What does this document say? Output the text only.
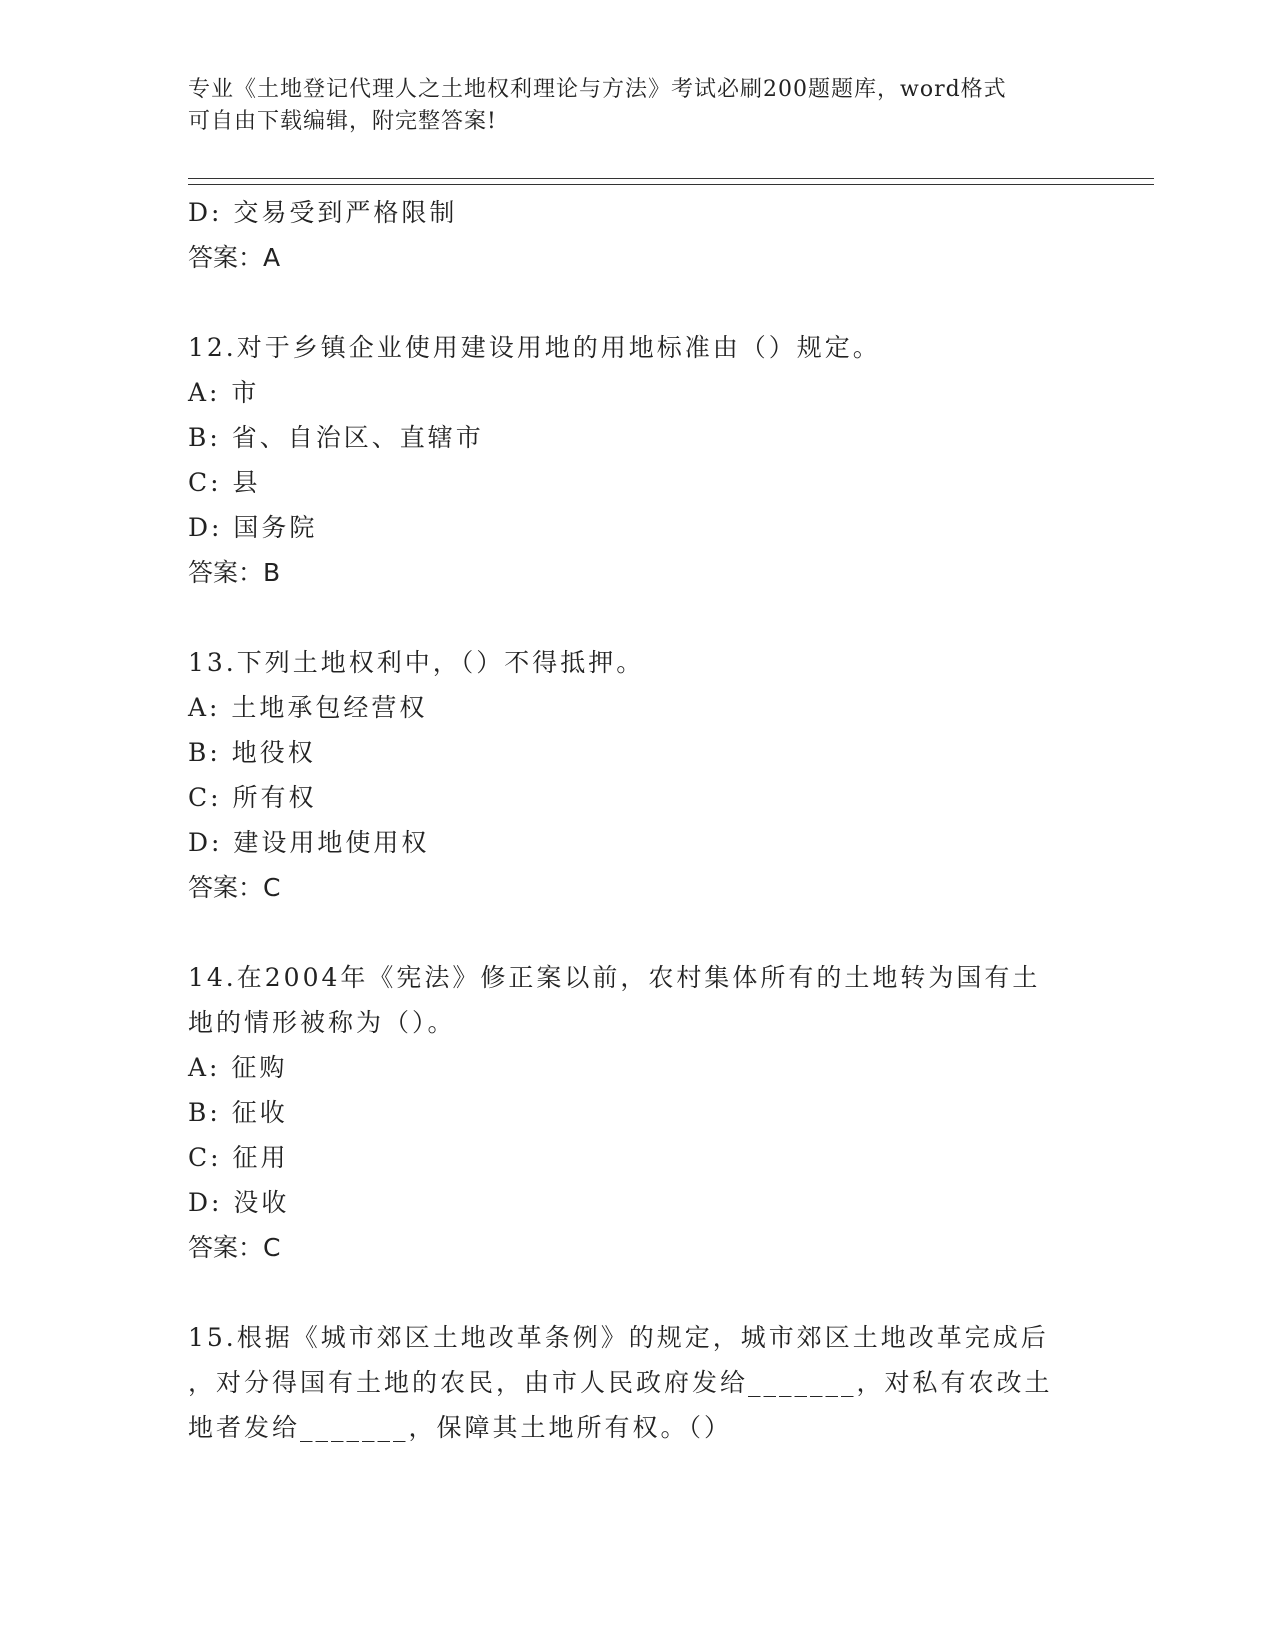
专业《土地登记代理人之土地权利理论与方法》考试必刷200题题库，word格式
可自由下载编辑，附完整答案!
D: 交易受到严格限制
答案：A
12.对于乡镇企业使用建设用地的用地标准由（）规定。
A: 市
B: 省、自治区、直辖市
C: 县
D: 国务院
答案：B
13.下列土地权利中，（）不得抵押。
A: 土地承包经营权
B: 地役权
C: 所有权
D: 建设用地使用权
答案：C
14.在2004年《宪法》修正案以前，农村集体所有的土地转为国有土
地的情形被称为（）。
A: 征购
B: 征收
C: 征用
D: 没收
答案：C
15.根据《城市郊区土地改革条例》的规定，城市郊区土地改革完成后
，对分得国有土地的农民，由市人民政府发给_______，对私有农改土
地者发给_______，保障其土地所有权。（）
